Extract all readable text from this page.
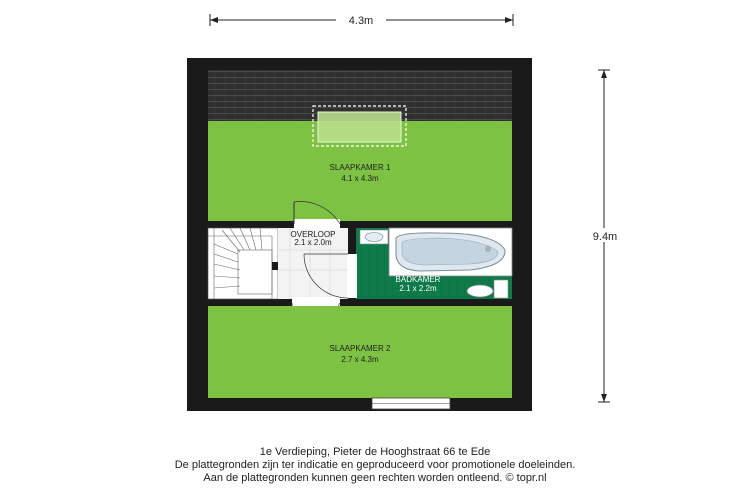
4.3m
9.4m
SLAAPKAMER 1
4.1 x 4.3m
OVERLOOP
2.1 x 2.0m
BADKAMER
2.1 x 2.2m
SLAAPKAMER 2
2.7 x 4.3m
1e Verdieping, Pieter de Hooghstraat 66 te Ede
De plattegronden zijn ter indicatie en geproduceerd voor promotionele doeleinden.
Aan de plattegronden kunnen geen rechten worden ontleend. © topr.nl
